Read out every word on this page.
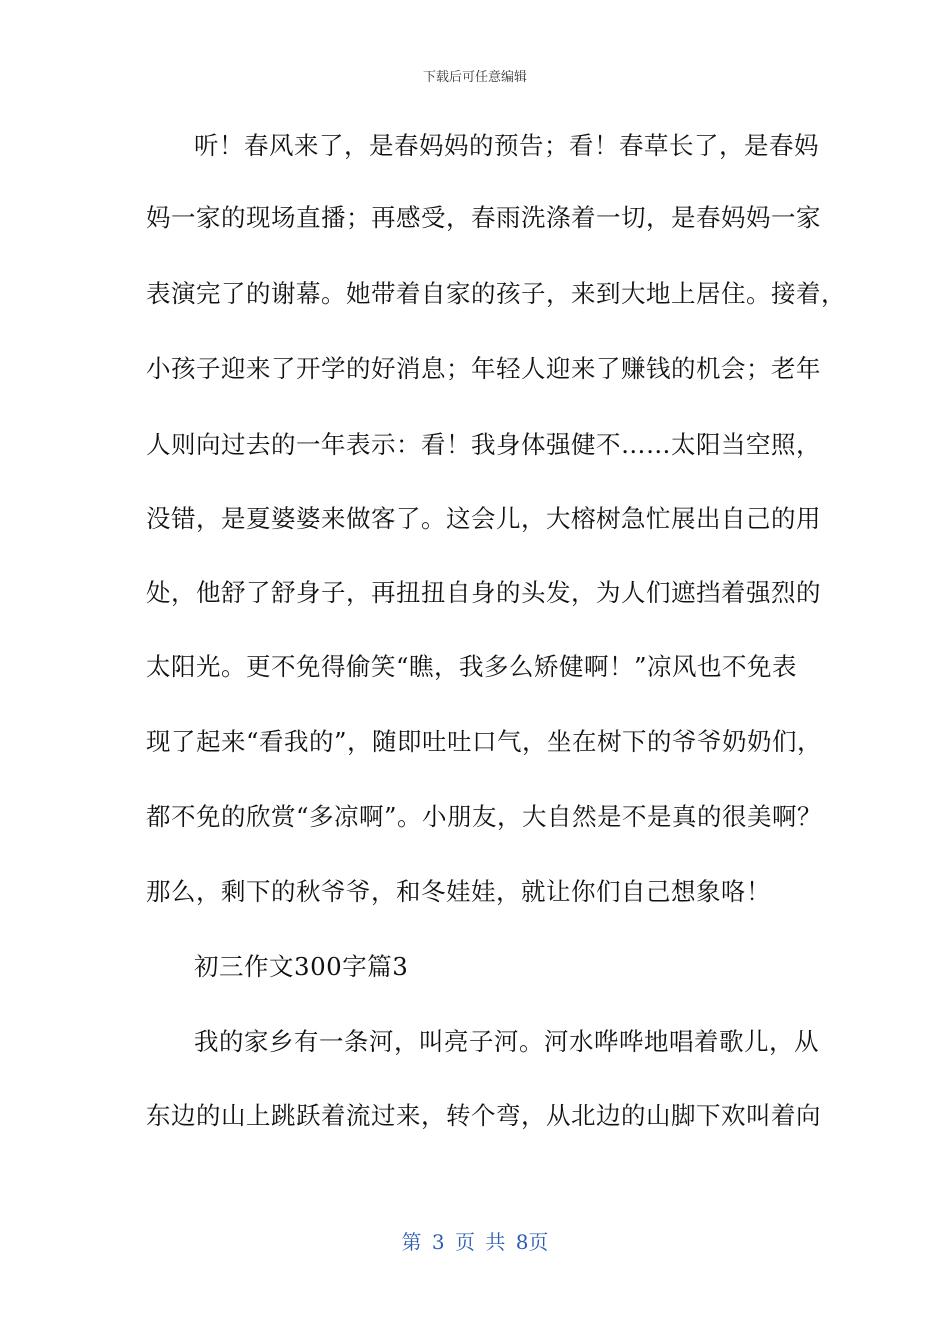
下载后可任意编辑
听！春风来了，是春妈妈的预告；看！春草长了，是春妈
妈一家的现场直播；再感受，春雨洗涤着一切，是春妈妈一家
表演完了的谢幕。她带着自家的孩子，来到大地上居住。接着，
小孩子迎来了开学的好消息；年轻人迎来了赚钱的机会；老年
人则向过去的一年表示：看！我身体强健不……太阳当空照，
没错，是夏婆婆来做客了。这会儿，大榕树急忙展出自己的用
处，他舒了舒身子，再扭扭自身的头发，为人们遮挡着强烈的
太阳光。更不免得偷笑“瞧，我多么矫健啊！”凉风也不免表
现了起来“看我的”，随即吐吐口气，坐在树下的爷爷奶奶们，
都不免的欣赏“多凉啊”。小朋友，大自然是不是真的很美啊？
那么，剩下的秋爷爷，和冬娃娃，就让你们自己想象咯！
初三作文300字篇3
我的家乡有一条河，叫亮子河。河水哗哗地唱着歌儿，从
东边的山上跳跃着流过来，转个弯，从北边的山脚下欢叫着向
第 3 页 共 8页
